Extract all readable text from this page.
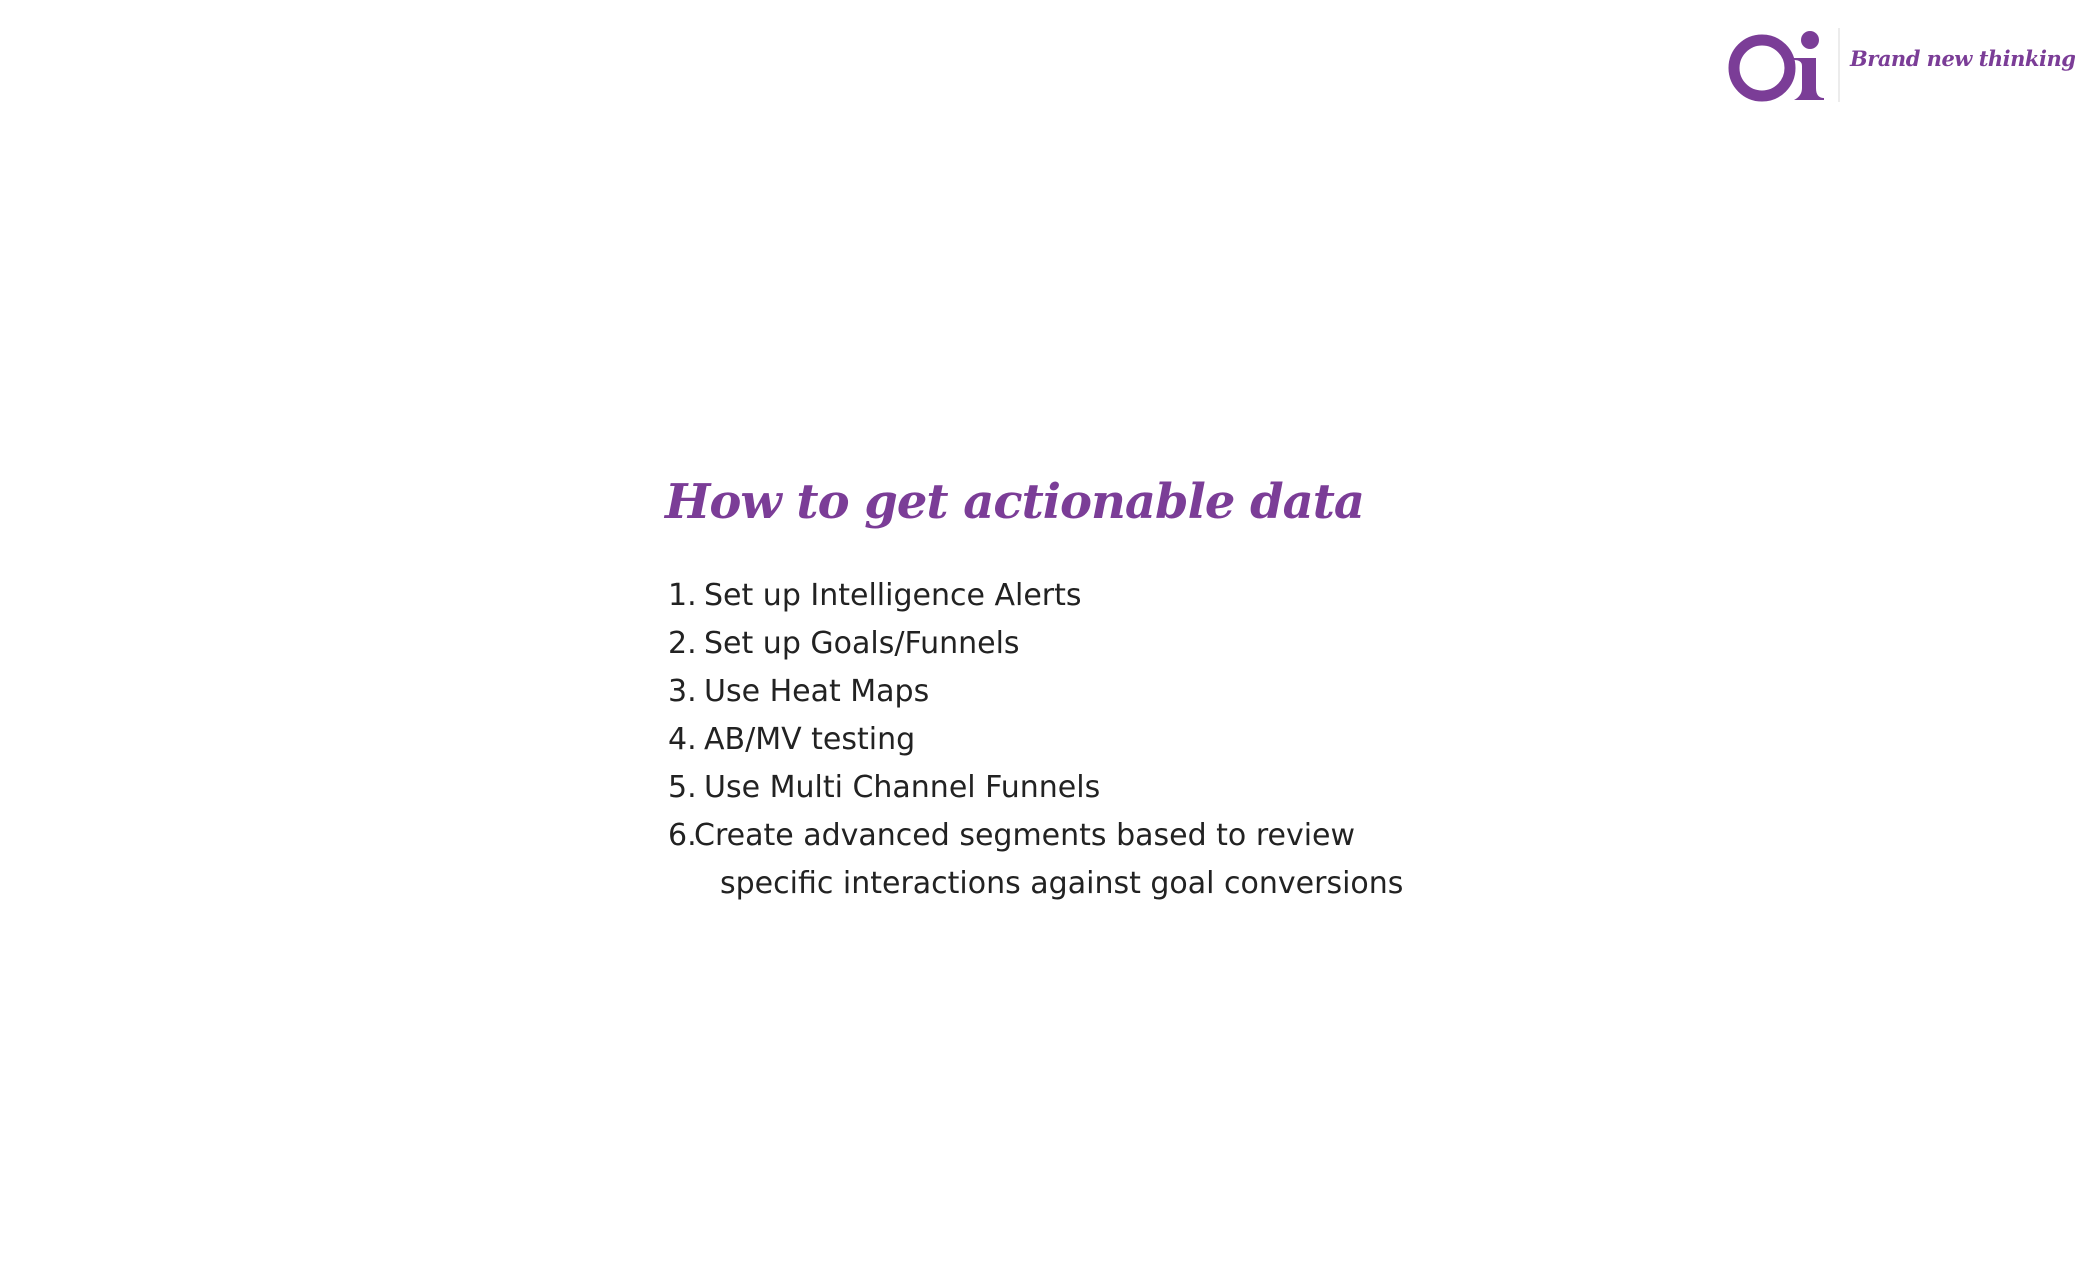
Brand new thinking
How to get actionable data
1. Set up Intelligence Alerts
2. Set up Goals/Funnels
3. Use Heat Maps
4. AB/MV testing
5. Use Multi Channel Funnels
6.
Create advanced segments based to review
specific interactions against goal conversions
